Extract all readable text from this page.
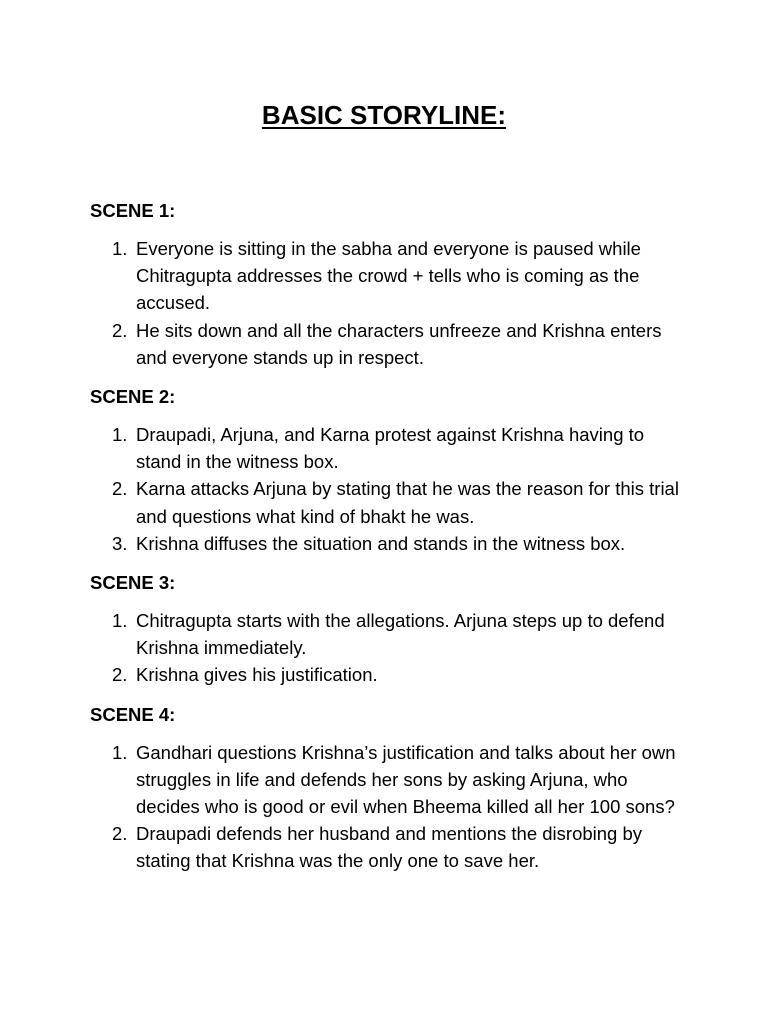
BASIC STORYLINE:
SCENE 1:
1. Everyone is sitting in the sabha and everyone is paused while Chitragupta addresses the crowd + tells who is coming as the accused.
2. He sits down and all the characters unfreeze and Krishna enters and everyone stands up in respect.
SCENE 2:
1. Draupadi, Arjuna, and Karna protest against Krishna having to stand in the witness box.
2. Karna attacks Arjuna by stating that he was the reason for this trial and questions what kind of bhakt he was.
3. Krishna diffuses the situation and stands in the witness box.
SCENE 3:
1. Chitragupta starts with the allegations. Arjuna steps up to defend Krishna immediately.
2. Krishna gives his justification.
SCENE 4:
1. Gandhari questions Krishna’s justification and talks about her own struggles in life and defends her sons by asking Arjuna, who decides who is good or evil when Bheema killed all her 100 sons?
2. Draupadi defends her husband and mentions the disrobing by stating that Krishna was the only one to save her.
